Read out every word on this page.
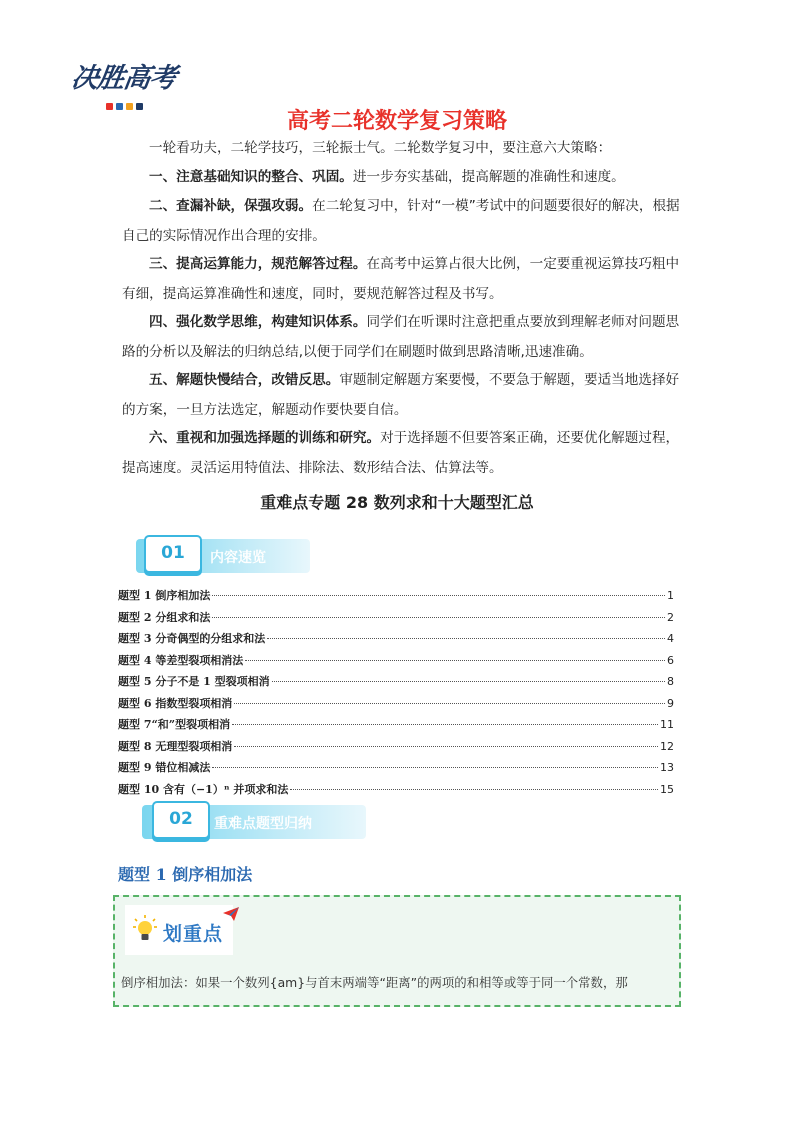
决胜高考
高考二轮数学复习策略
一轮看功夫，二轮学技巧，三轮振士气。二轮数学复习中，要注意六大策略：
一、注意基础知识的整合、巩固。进一步夯实基础，提高解题的准确性和速度。
二、查漏补缺，保强攻弱。在二轮复习中，针对“一模”考试中的问题要很好的解决，根据自己的实际情况作出合理的安排。
三、提高运算能力，规范解答过程。在高考中运算占很大比例，一定要重视运算技巧粗中有细，提高运算准确性和速度，同时，要规范解答过程及书写。
四、强化数学思维，构建知识体系。同学们在听课时注意把重点要放到理解老师对问题思路的分析以及解法的归纳总结,以便于同学们在刷题时做到思路清晰,迅速准确。
五、解题快慢结合，改错反思。审题制定解题方案要慢，不要急于解题，要适当地选择好的方案，一旦方法选定，解题动作要快要自信。
六、重视和加强选择题的训练和研究。对于选择题不但要答案正确，还要优化解题过程，提高速度。灵活运用特值法、排除法、数形结合法、估算法等。
重难点专题 28 数列求和十大题型汇总
01	内容速览
题型 1 倒序相加法	1
题型 2 分组求和法	2
题型 3 分奇偶型的分组求和法	4
题型 4 等差型裂项相消法	6
题型 5 分子不是 1 型裂项相消	8
题型 6 指数型裂项相消	9
题型 7“和”型裂项相消	11
题型 8 无理型裂项相消	12
题型 9 错位相减法	13
题型 10 含有（−1）ⁿ 并项求和法	15
02	重难点题型归纳
题型 1 倒序相加法
划重点
倒序相加法：如果一个数列{am}与首末两端等“距离”的两项的和相等或等于同一个常数，那
